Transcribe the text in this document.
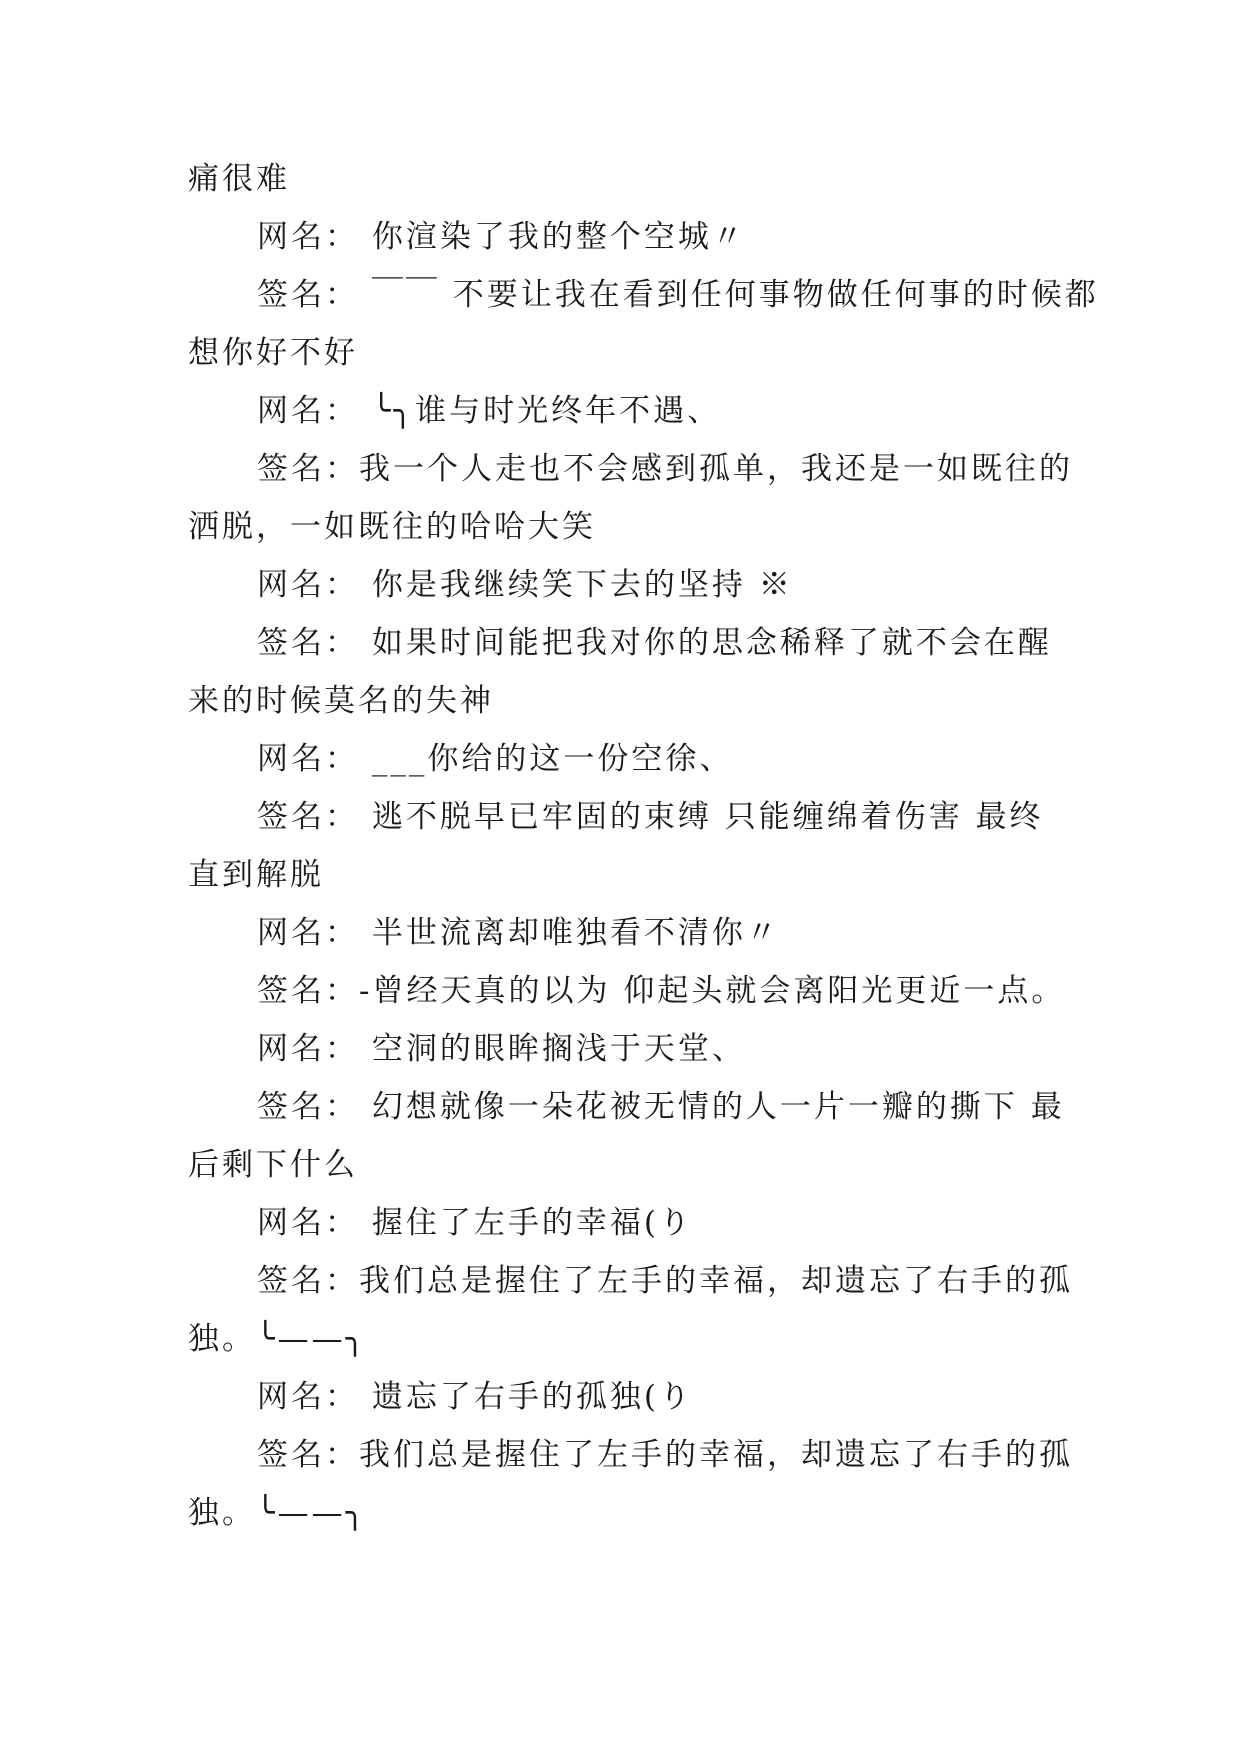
痛很难
网名： 你渲染了我的整个空城〃
签名： ￣￣ 不要让我在看到任何事物做任何事的时候都
想你好不好
网名： ╰╮谁与时光终年不遇、
签名：我一个人走也不会感到孤单，我还是一如既往的
洒脱，一如既往的哈哈大笑
网名： 你是我继续笑下去的坚持 ※
签名： 如果时间能把我对你的思念稀释了就不会在醒
来的时候莫名的失神
网名： ___你给的这一份空徐、
签名： 逃不脱早已牢固的束缚 只能缠绵着伤害 最终
直到解脱
网名： 半世流离却唯独看不清你〃
签名：-曾经天真的以为 仰起头就会离阳光更近一点。
网名： 空洞的眼眸搁浅于天堂、
签名： 幻想就像一朵花被无情的人一片一瓣的撕下 最
后剩下什么
网名： 握住了左手的幸福(り
签名：我们总是握住了左手的幸福，却遗忘了右手的孤
独。╰——╮
网名： 遗忘了右手的孤独(り
签名：我们总是握住了左手的幸福，却遗忘了右手的孤
独。╰——╮
